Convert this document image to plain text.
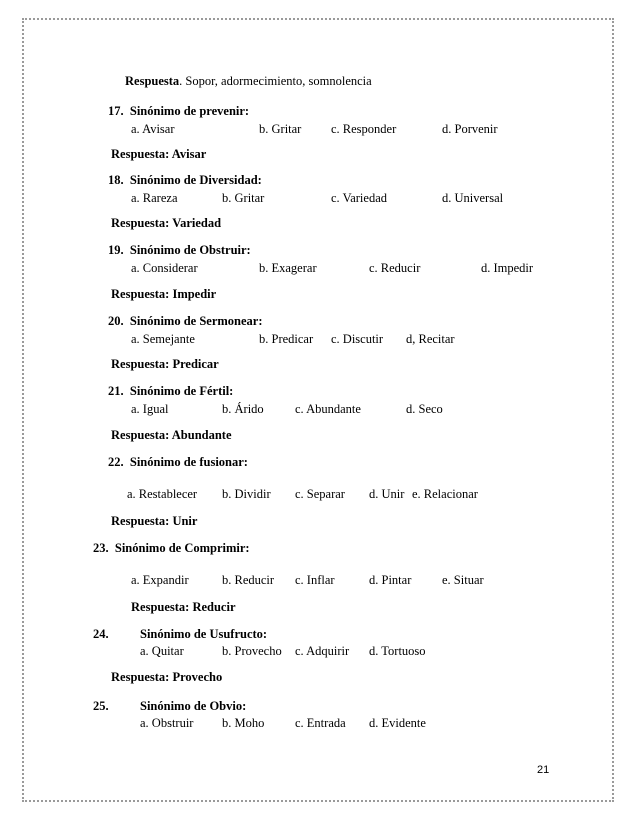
Respuesta. Sopor, adormecimiento, somnolencia
17. Sinónimo de prevenir:
a. Avisar	b. Gritar c. Responder	d. Porvenir
Respuesta: Avisar
18. Sinónimo de Diversidad:
a. Rareza	b. Gritar	c. Variedad	d. Universal
Respuesta: Variedad
19. Sinónimo de Obstruir:
a. Considerar	b. Exagerar	c. Reducir	d. Impedir
Respuesta: Impedir
20. Sinónimo de Sermonear:
a. Semejante	b. Predicar c. Discutir d, Recitar
Respuesta: Predicar
21. Sinónimo de Fértil:
a. Igual	b. Árido	c. Abundante	d. Seco
Respuesta: Abundante
22. Sinónimo de fusionar:
a. Restablecer b. Dividir c. Separar d. Unir e. Relacionar
Respuesta: Unir
23. Sinónimo de Comprimir:
a. Expandir	b. Reducir c. Inflar	d. Pintar e. Situar
Respuesta: Reducir
24.	Sinónimo de Usufructo:
a. Quitar	b. Provecho c. Adquirir d. Tortuoso
Respuesta: Provecho
25.	Sinónimo de Obvio:
a. Obstruir b. Moho c. Entrada d. Evidente
21
